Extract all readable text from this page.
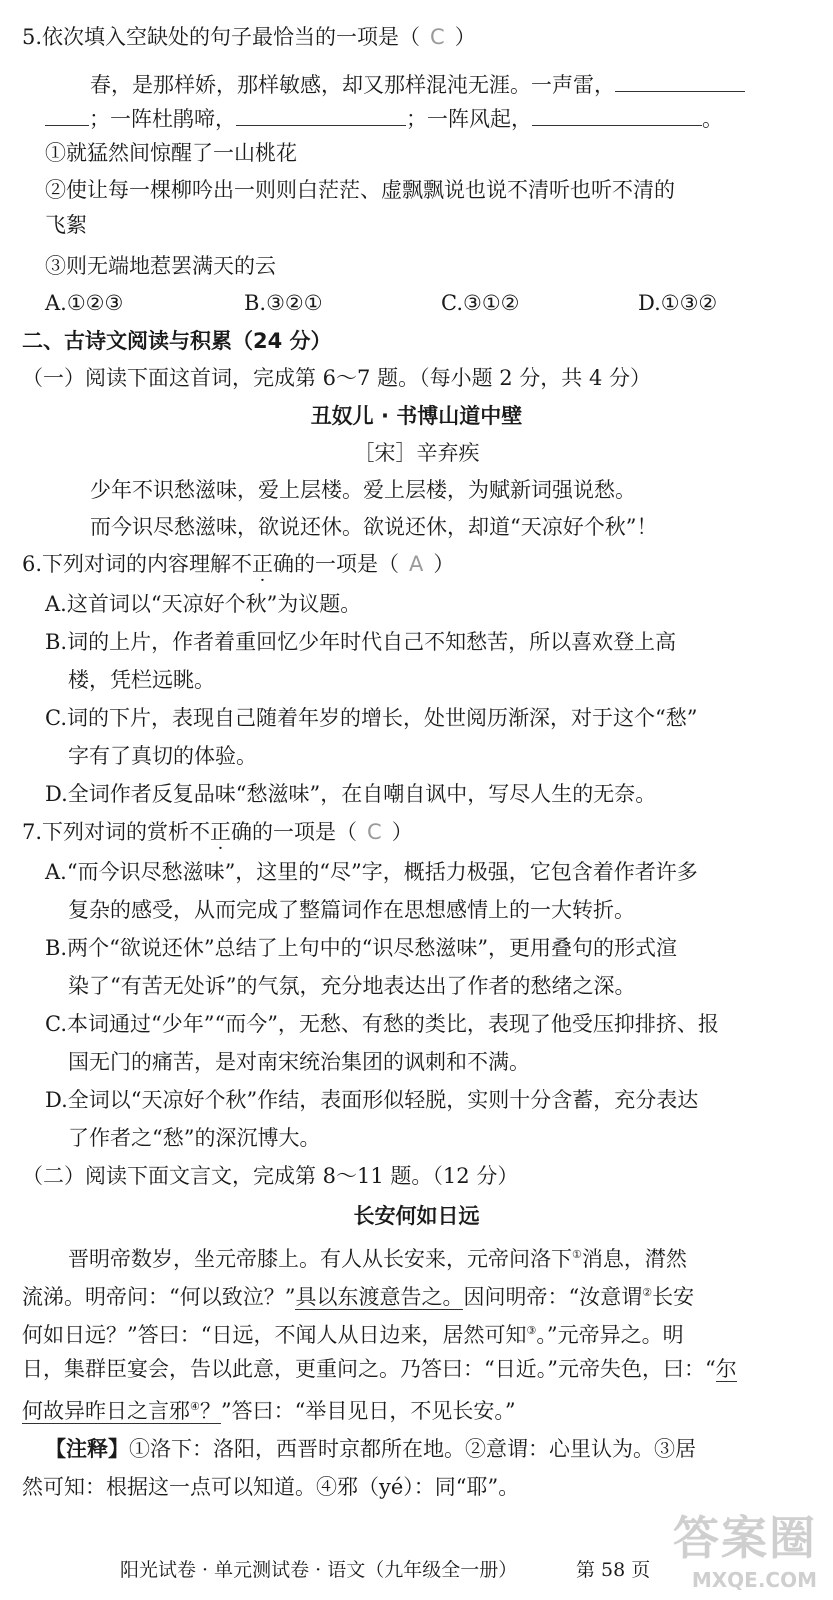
5.依次填入空缺处的句子最恰当的一项是（ C ）
春，是那样娇，那样敏感，却又那样混沌无涯。一声雷，
；一阵杜鹃啼，	；一阵风起，	。
①就猛然间惊醒了一山桃花
②使让每一棵柳吟出一则则白茫茫、虚飘飘说也说不清听也听不清的
飞絮
③则无端地惹罢满天的云
A.①②③	B.③②①	C.③①②	D.①③②
二、古诗文阅读与积累（24 分）
（一）阅读下面这首词，完成第 6～7 题。（每小题 2 分，共 4 分）
丑奴儿 · 书博山道中壁
［宋］辛弃疾
少年不识愁滋味，爱上层楼。爱上层楼，为赋新词强说愁。
而今识尽愁滋味，欲说还休。欲说还休，却道“天凉好个秋”！
6.下列对词的内容理解不正确的一项是（ A ）
A.这首词以“天凉好个秋”为议题。
B.词的上片，作者着重回忆少年时代自己不知愁苦，所以喜欢登上高
楼，凭栏远眺。
C.词的下片，表现自己随着年岁的增长，处世阅历渐深，对于这个“愁”
字有了真切的体验。
D.全词作者反复品味“愁滋味”，在自嘲自讽中，写尽人生的无奈。
7.下列对词的赏析不正确的一项是（ C ）
A.“而今识尽愁滋味”，这里的“尽”字，概括力极强，它包含着作者许多
复杂的感受，从而完成了整篇词作在思想感情上的一大转折。
B.两个“欲说还休”总结了上句中的“识尽愁滋味”，更用叠句的形式渲
染了“有苦无处诉”的气氛，充分地表达出了作者的愁绪之深。
C.本词通过“少年”“而今”，无愁、有愁的类比，表现了他受压抑排挤、报
国无门的痛苦，是对南宋统治集团的讽刺和不满。
D.全词以“天凉好个秋”作结，表面形似轻脱，实则十分含蓄，充分表达
了作者之“愁”的深沉博大。
（二）阅读下面文言文，完成第 8～11 题。（12 分）
长安何如日远
晋明帝数岁，坐元帝膝上。有人从长安来，元帝问洛下①消息，潸然
流涕。明帝问：“何以致泣？”具以东渡意告之。因问明帝：“汝意谓②长安
何如日远？”答曰：“日远，不闻人从日边来，居然可知③。”元帝异之。明
日，集群臣宴会，告以此意，更重问之。乃答曰：“日近。”元帝失色，曰：“尔
何故异昨日之言邪④？”答曰：“举目见日，不见长安。”
【注释】①洛下：洛阳，西晋时京都所在地。②意谓：心里认为。③居
然可知：根据这一点可以知道。④邪（yé）：同“耶”。
阳光试卷 · 单元测试卷 · 语文（九年级全一册）	第 58 页
答案圈
MXQE.COM
